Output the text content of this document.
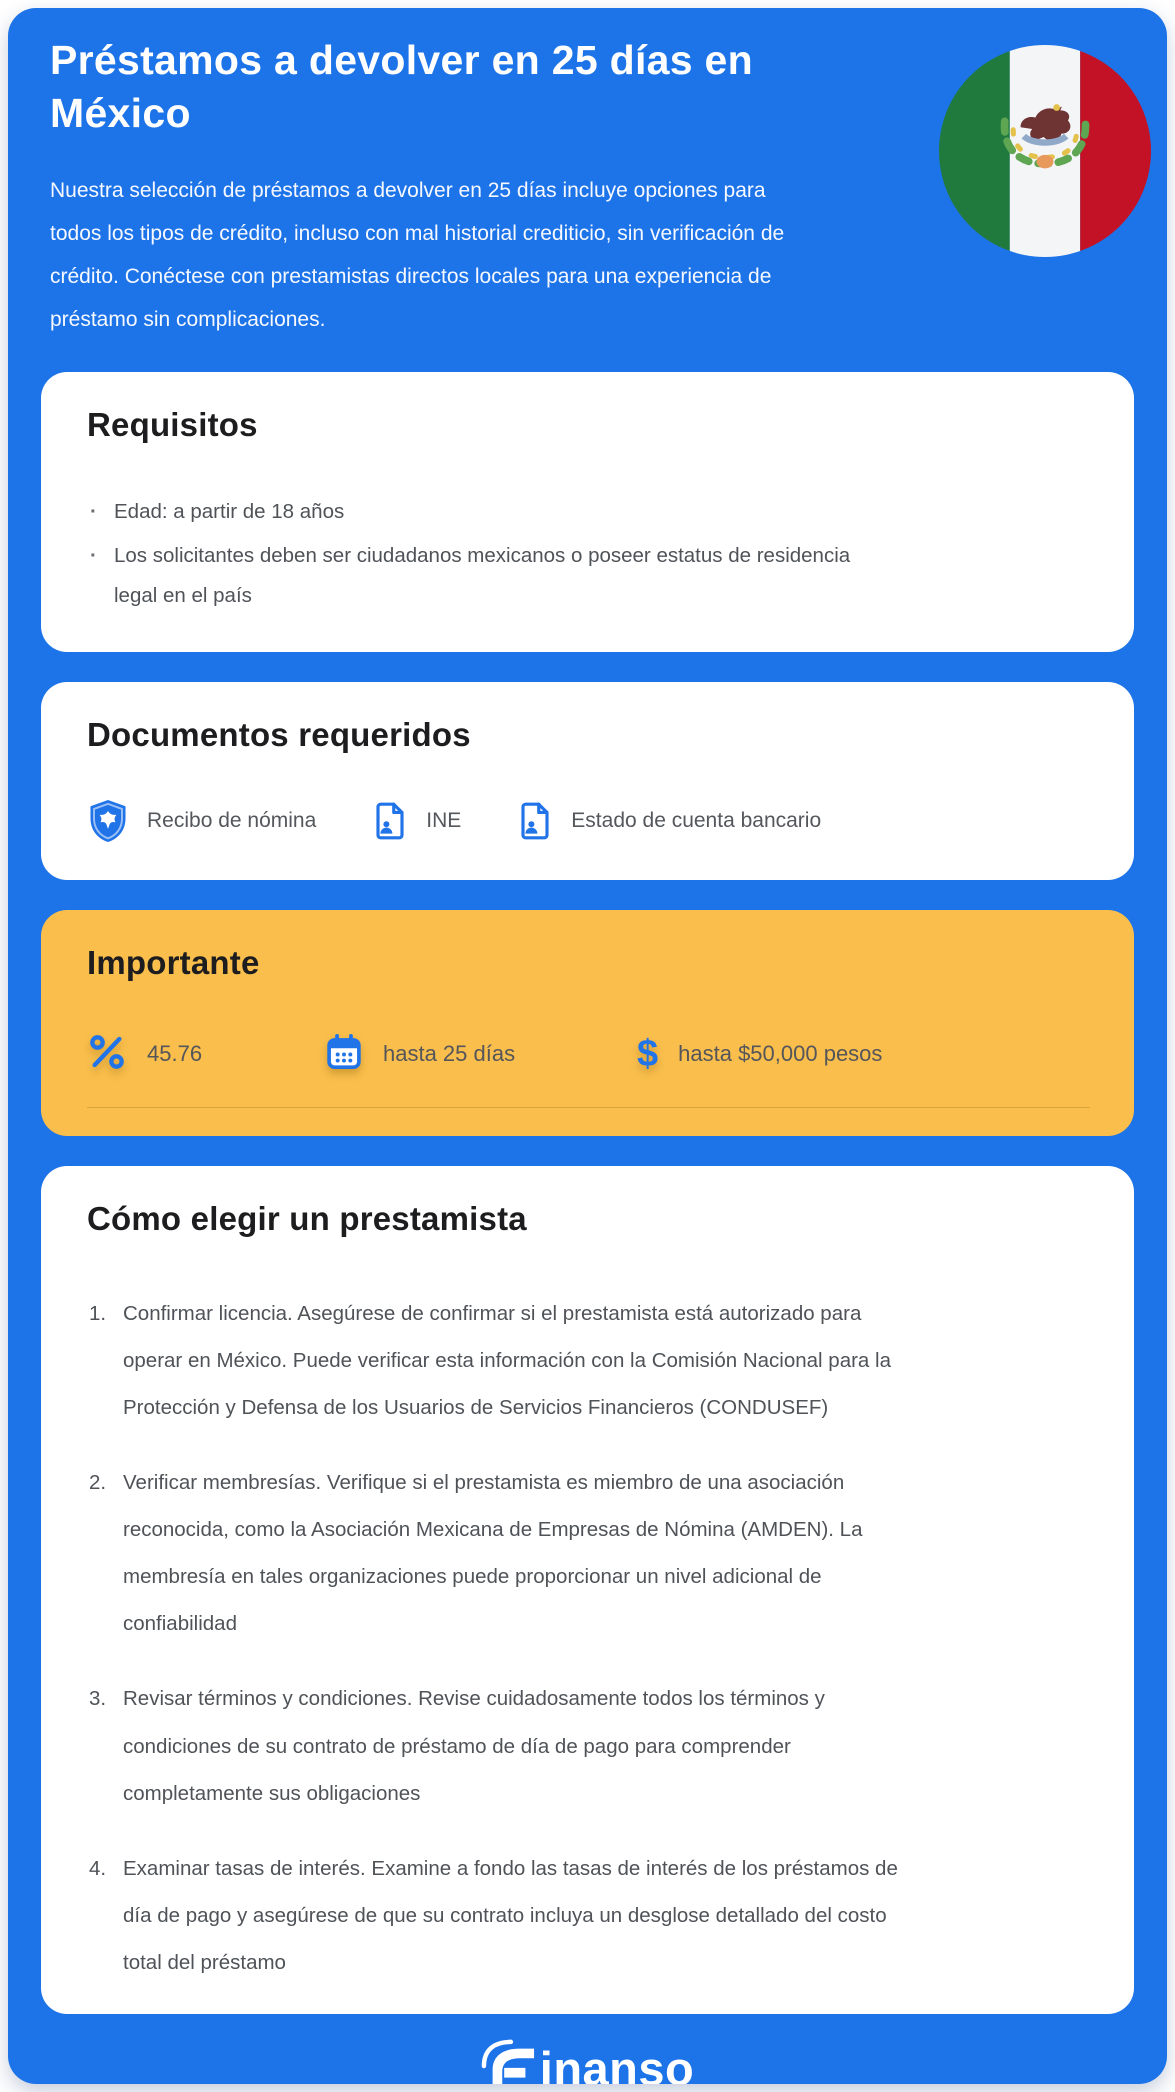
Préstamos a devolver en 25 días en México

Nuestra selección de préstamos a devolver en 25 días incluye opciones para todos los tipos de crédito, incluso con mal historial crediticio, sin verificación de crédito. Conéctese con prestamistas directos locales para una experiencia de préstamo sin complicaciones.

Requisitos
· Edad: a partir de 18 años
· Los solicitantes deben ser ciudadanos mexicanos o poseer estatus de residencia legal en el país
Documentos requeridos
Recibo de nómina	INE	Estado de cuenta bancario
Importante
45.76	hasta 25 días	$ hasta $50,000 pesos
Cómo elegir un prestamista
Confirmar licencia. Asegúrese de confirmar si el prestamista está autorizado para operar en México. Puede verificar esta información con la Comisión Nacional para la Protección y Defensa de los Usuarios de Servicios Financieros (CONDUSEF)
Verificar membresías. Verifique si el prestamista es miembro de una asociación reconocida, como la Asociación Mexicana de Empresas de Nómina (AMDEN). La membresía en tales organizaciones puede proporcionar un nivel adicional de confiabilidad
Revisar términos y condiciones. Revise cuidadosamente todos los términos y condiciones de su contrato de préstamo de día de pago para comprender completamente sus obligaciones
Examinar tasas de interés. Examine a fondo las tasas de interés de los préstamos de día de pago y asegúrese de que su contrato incluya un desglose detallado del costo total del préstamo
inanso
